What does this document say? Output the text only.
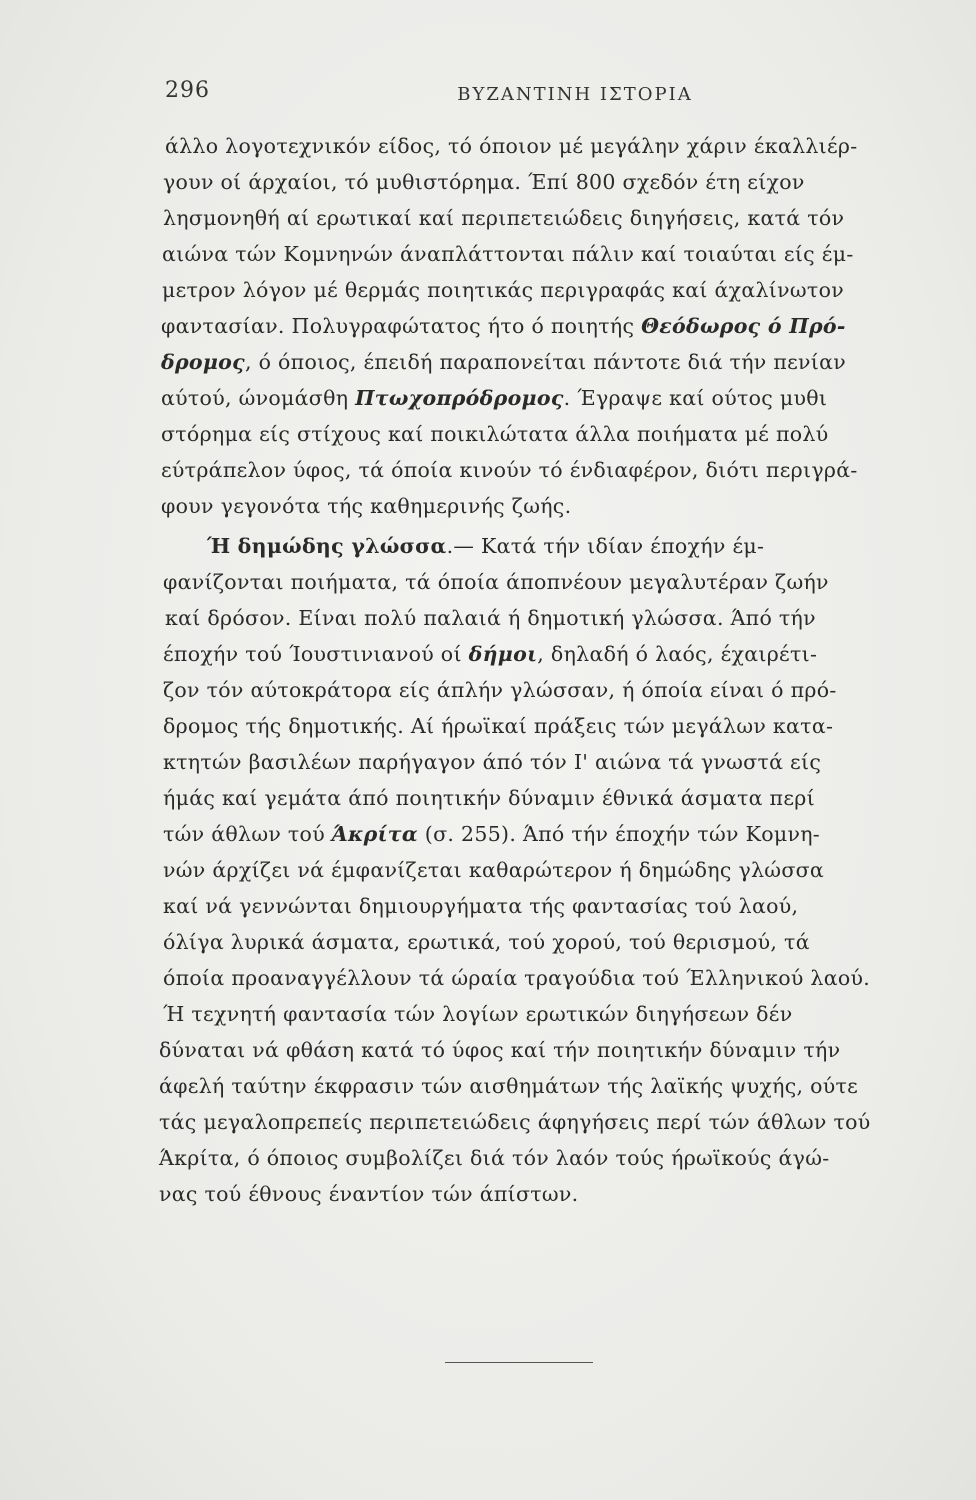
296	ΒΥΖΑΝΤΙΝΗ ΙΣΤΟΡΙΑ
άλλο λογοτεχνικόν είδος, τό όποιον μέ μεγάλην χάριν έκαλλιέρ-
γουν οί άρχαίοι, τό μυθιστόρημα. Έπί 800 σχεδόν έτη είχον
λησμονηθή αί ερωτικαί καί περιπετειώδεις διηγήσεις, κατά τόν
αιώνα τών Κομνηνών άναπλάττονται πάλιν καί τοιαύται είς έμ-
μετρον λόγον μέ θερμάς ποιητικάς περιγραφάς καί άχαλίνωτον
φαντασίαν. Πολυγραφώτατος ήτο ό ποιητής Θεόδωρος ό Πρό-
δρομος, ό όποιος, έπειδή παραπονείται πάντοτε διά τήν πενίαν
αύτού, ώνομάσθη Πτωχοπρόδρομος. Έγραψε καί ούτος μυθι
στόρημα είς στίχους καί ποικιλώτατα άλλα ποιήματα μέ πολύ
εύτράπελον ύφος, τά όποία κινούν τό ένδιαφέρον, διότι περιγρά-
φουν γεγονότα τής καθημερινής ζωής.
Ή δημώδης γλώσσα.— Κατά τήν ιδίαν έποχήν έμ-
φανίζονται ποιήματα, τά όποία άποπνέουν μεγαλυτέραν ζωήν
καί δρόσον. Είναι πολύ παλαιά ή δημοτική γλώσσα. Άπό τήν
έποχήν τού Ίουστινιανού οί δήμοι, δηλαδή ό λαός, έχαιρέτι-
ζον τόν αύτοκράτορα είς άπλήν γλώσσαν, ή όποία είναι ό πρό-
δρομος τής δημοτικής. Αί ήρωϊκαί πράξεις τών μεγάλων κατα-
κτητών βασιλέων παρήγαγον άπό τόν Ι' αιώνα τά γνωστά είς
ήμάς καί γεμάτα άπό ποιητικήν δύναμιν έθνικά άσματα περί
τών άθλων τού Άκρίτα (σ. 255). Άπό τήν έποχήν τών Κομνη-
νών άρχίζει νά έμφανίζεται καθαρώτερον ή δημώδης γλώσσα
καί νά γεννώνται δημιουργήματα τής φαντασίας τού λαού,
όλίγα λυρικά άσματα, ερωτικά, τού χορού, τού θερισμού, τά
όποία προαναγγέλλουν τά ώραία τραγούδια τού Έλληνικού λαού.
Ή τεχνητή φαντασία τών λογίων ερωτικών διηγήσεων δέν
δύναται νά φθάση κατά τό ύφος καί τήν ποιητικήν δύναμιν τήν
άφελή ταύτην έκφρασιν τών αισθημάτων τής λαϊκής ψυχής, ούτε
τάς μεγαλοπρεπείς περιπετειώδεις άφηγήσεις περί τών άθλων τού
Άκρίτα, ό όποιος συμβολίζει διά τόν λαόν τούς ήρωϊκούς άγώ-
νας τού έθνους έναντίον τών άπίστων.
